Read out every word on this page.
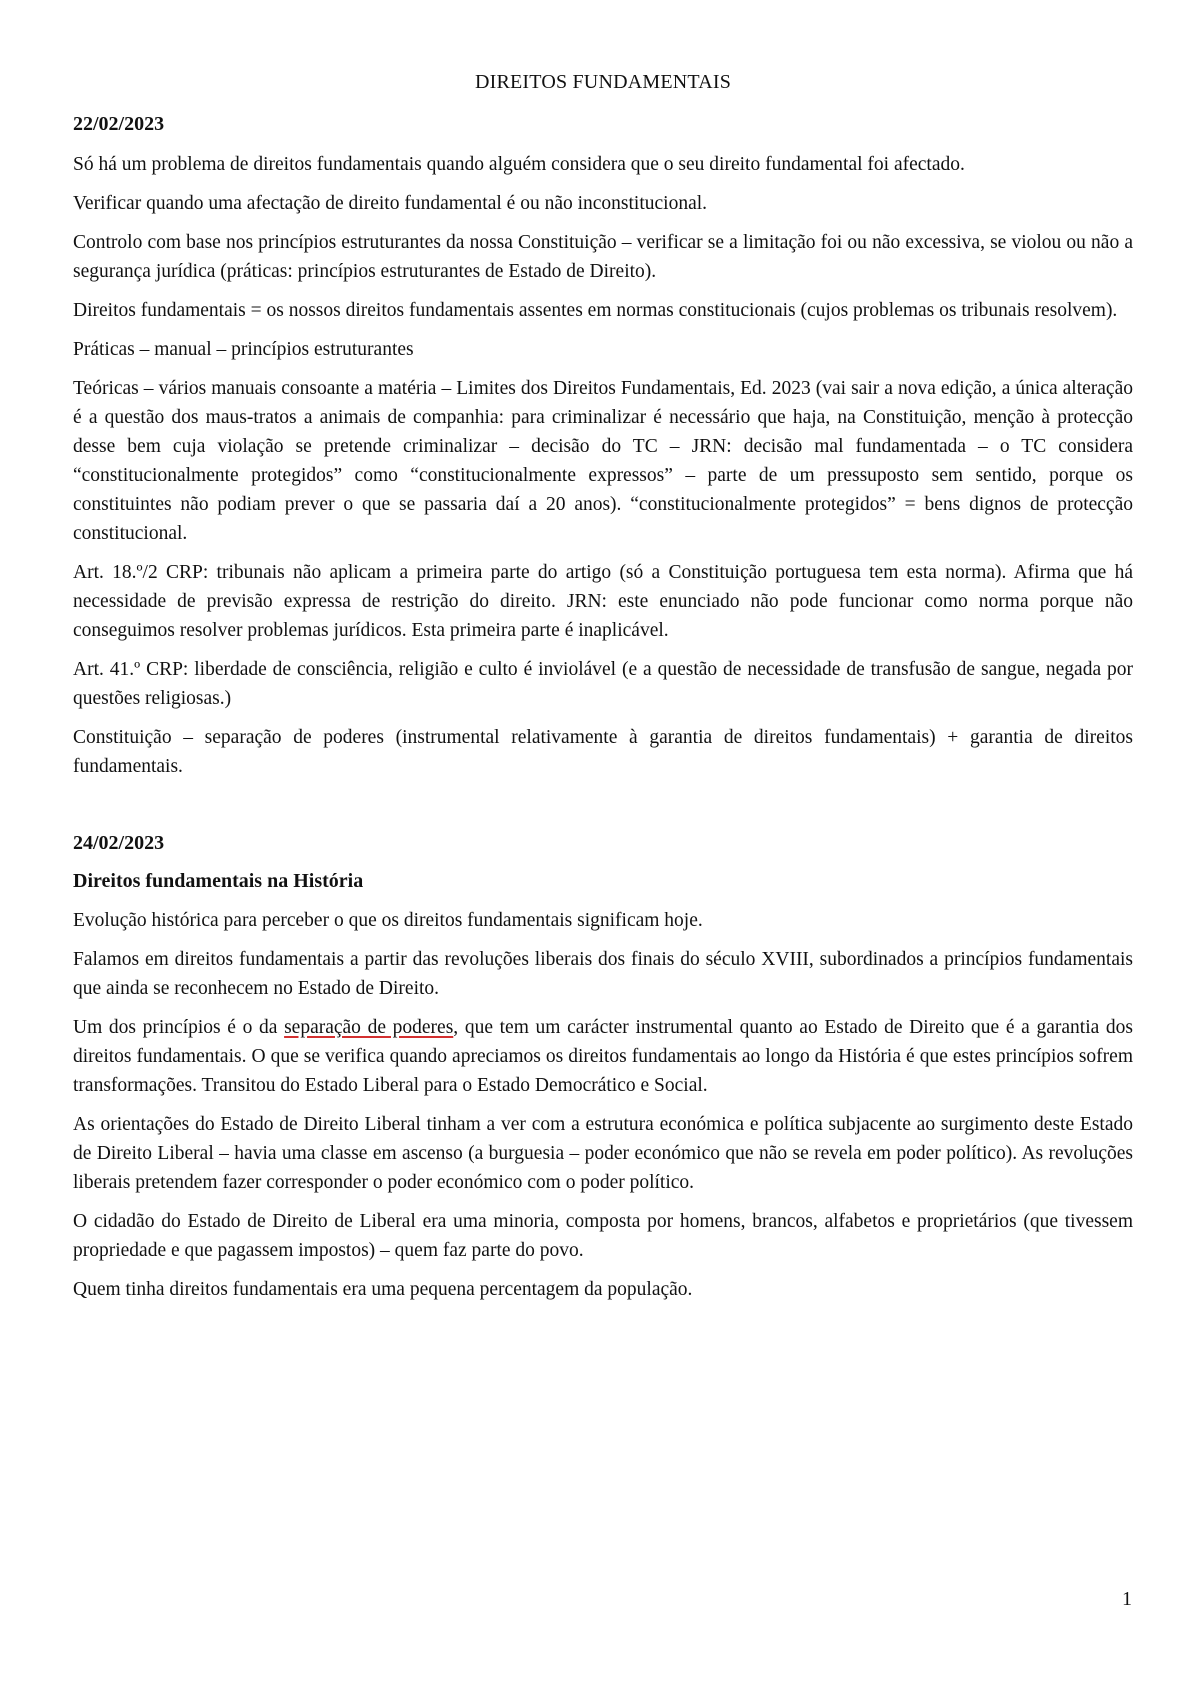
DIREITOS FUNDAMENTAIS
22/02/2023

Só há um problema de direitos fundamentais quando alguém considera que o seu direito fundamental foi afectado.

Verificar quando uma afectação de direito fundamental é ou não inconstitucional.

Controlo com base nos princípios estruturantes da nossa Constituição – verificar se a limitação foi ou não excessiva, se violou ou não a segurança jurídica (práticas: princípios estruturantes de Estado de Direito).

Direitos fundamentais = os nossos direitos fundamentais assentes em normas constitucionais (cujos problemas os tribunais resolvem).

Práticas – manual – princípios estruturantes

Teóricas – vários manuais consoante a matéria – Limites dos Direitos Fundamentais, Ed. 2023 (vai sair a nova edição, a única alteração é a questão dos maus-tratos a animais de companhia: para criminalizar é necessário que haja, na Constituição, menção à protecção desse bem cuja violação se pretende criminalizar – decisão do TC – JRN: decisão mal fundamentada – o TC considera “constitucionalmente protegidos” como “constitucionalmente expressos” – parte de um pressuposto sem sentido, porque os constituintes não podiam prever o que se passaria daí a 20 anos). “constitucionalmente protegidos” = bens dignos de protecção constitucional.

Art. 18.º/2 CRP: tribunais não aplicam a primeira parte do artigo (só a Constituição portuguesa tem esta norma). Afirma que há necessidade de previsão expressa de restrição do direito. JRN: este enunciado não pode funcionar como norma porque não conseguimos resolver problemas jurídicos. Esta primeira parte é inaplicável.

Art. 41.º CRP: liberdade de consciência, religião e culto é inviolável (e a questão de necessidade de transfusão de sangue, negada por questões religiosas.)

Constituição – separação de poderes (instrumental relativamente à garantia de direitos fundamentais) + garantia de direitos fundamentais.

24/02/2023
Direitos fundamentais na História

Evolução histórica para perceber o que os direitos fundamentais significam hoje.

Falamos em direitos fundamentais a partir das revoluções liberais dos finais do século XVIII, subordinados a princípios fundamentais que ainda se reconhecem no Estado de Direito.

Um dos princípios é o da separação de poderes, que tem um carácter instrumental quanto ao Estado de Direito que é a garantia dos direitos fundamentais. O que se verifica quando apreciamos os direitos fundamentais ao longo da História é que estes princípios sofrem transformações. Transitou do Estado Liberal para o Estado Democrático e Social.

As orientações do Estado de Direito Liberal tinham a ver com a estrutura económica e política subjacente ao surgimento deste Estado de Direito Liberal – havia uma classe em ascenso (a burguesia – poder económico que não se revela em poder político). As revoluções liberais pretendem fazer corresponder o poder económico com o poder político.

O cidadão do Estado de Direito de Liberal era uma minoria, composta por homens, brancos, alfabetos e proprietários (que tivessem propriedade e que pagassem impostos) – quem faz parte do povo.

Quem tinha direitos fundamentais era uma pequena percentagem da população.

1
